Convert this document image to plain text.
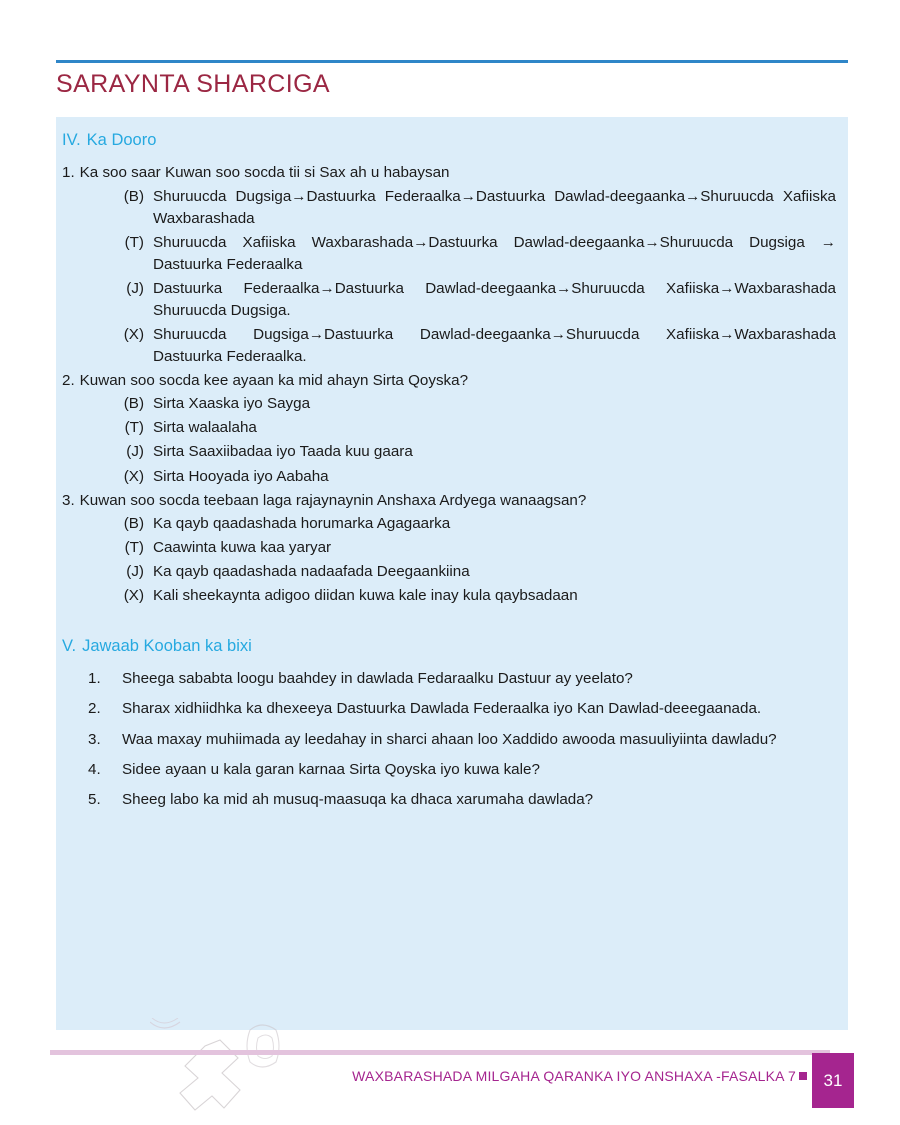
SARAYNTA SHARCIGA
IV. Ka Dooro
1. Ka soo saar Kuwan soo socda tii si Sax ah u habaysan
(B) Shuruucda Dugsiga→Dastuurka Federaalka→Dastuurka Dawlad-deegaanka→Shuruucda Xafiiska Waxbarashada
(T) Shuruucda Xafiiska Waxbarashada→Dastuurka Dawlad-deegaanka→Shuruucda Dugsiga → Dastuurka Federaalka
(J) Dastuurka Federaalka→Dastuurka Dawlad-deegaanka→Shuruucda Xafiiska→Waxbarashada Shuruucda Dugsiga.
(X) Shuruucda Dugsiga→Dastuurka Dawlad-deegaanka→Shuruucda Xafiiska→Waxbarashada Dastuurka Federaalka.
2. Kuwan soo socda kee ayaan ka mid ahayn Sirta Qoyska?
(B) Sirta Xaaska iyo Sayga
(T) Sirta walaalaha
(J) Sirta Saaxiibadaa iyo Taada kuu gaara
(X) Sirta Hooyada iyo Aabaha
3. Kuwan soo socda teebaan laga rajaynaynin Anshaxa Ardyega wanaagsan?
(B) Ka qayb qaadashada horumarka Agagaarka
(T) Caawinta kuwa kaa yaryar
(J) Ka qayb qaadashada nadaafada Deegaankiina
(X) Kali sheekaynta adigoo diidan kuwa kale inay kula qaybsadaan
V. Jawaab Kooban ka bixi
1.	Sheega sababta loogu baahdey in dawlada Fedaraalku Dastuur ay yeelato?
2.	Sharax xidhiidhka ka dhexeeya Dastuurka Dawlada Federaalka iyo Kan Dawlad-deeegaanada.
3.	Waa maxay muhiimada ay leedahay in sharci ahaan loo Xaddido awooda masuuliyiinta dawladu?
4.	Sidee ayaan u kala garan karnaa Sirta Qoyska iyo kuwa kale?
5.	Sheeg labo ka mid ah musuq-maasuqa ka dhaca xarumaha dawlada?
WAXBARASHADA MILGAHA QARANKA IYO ANSHAXA -FASALKA 7	31
